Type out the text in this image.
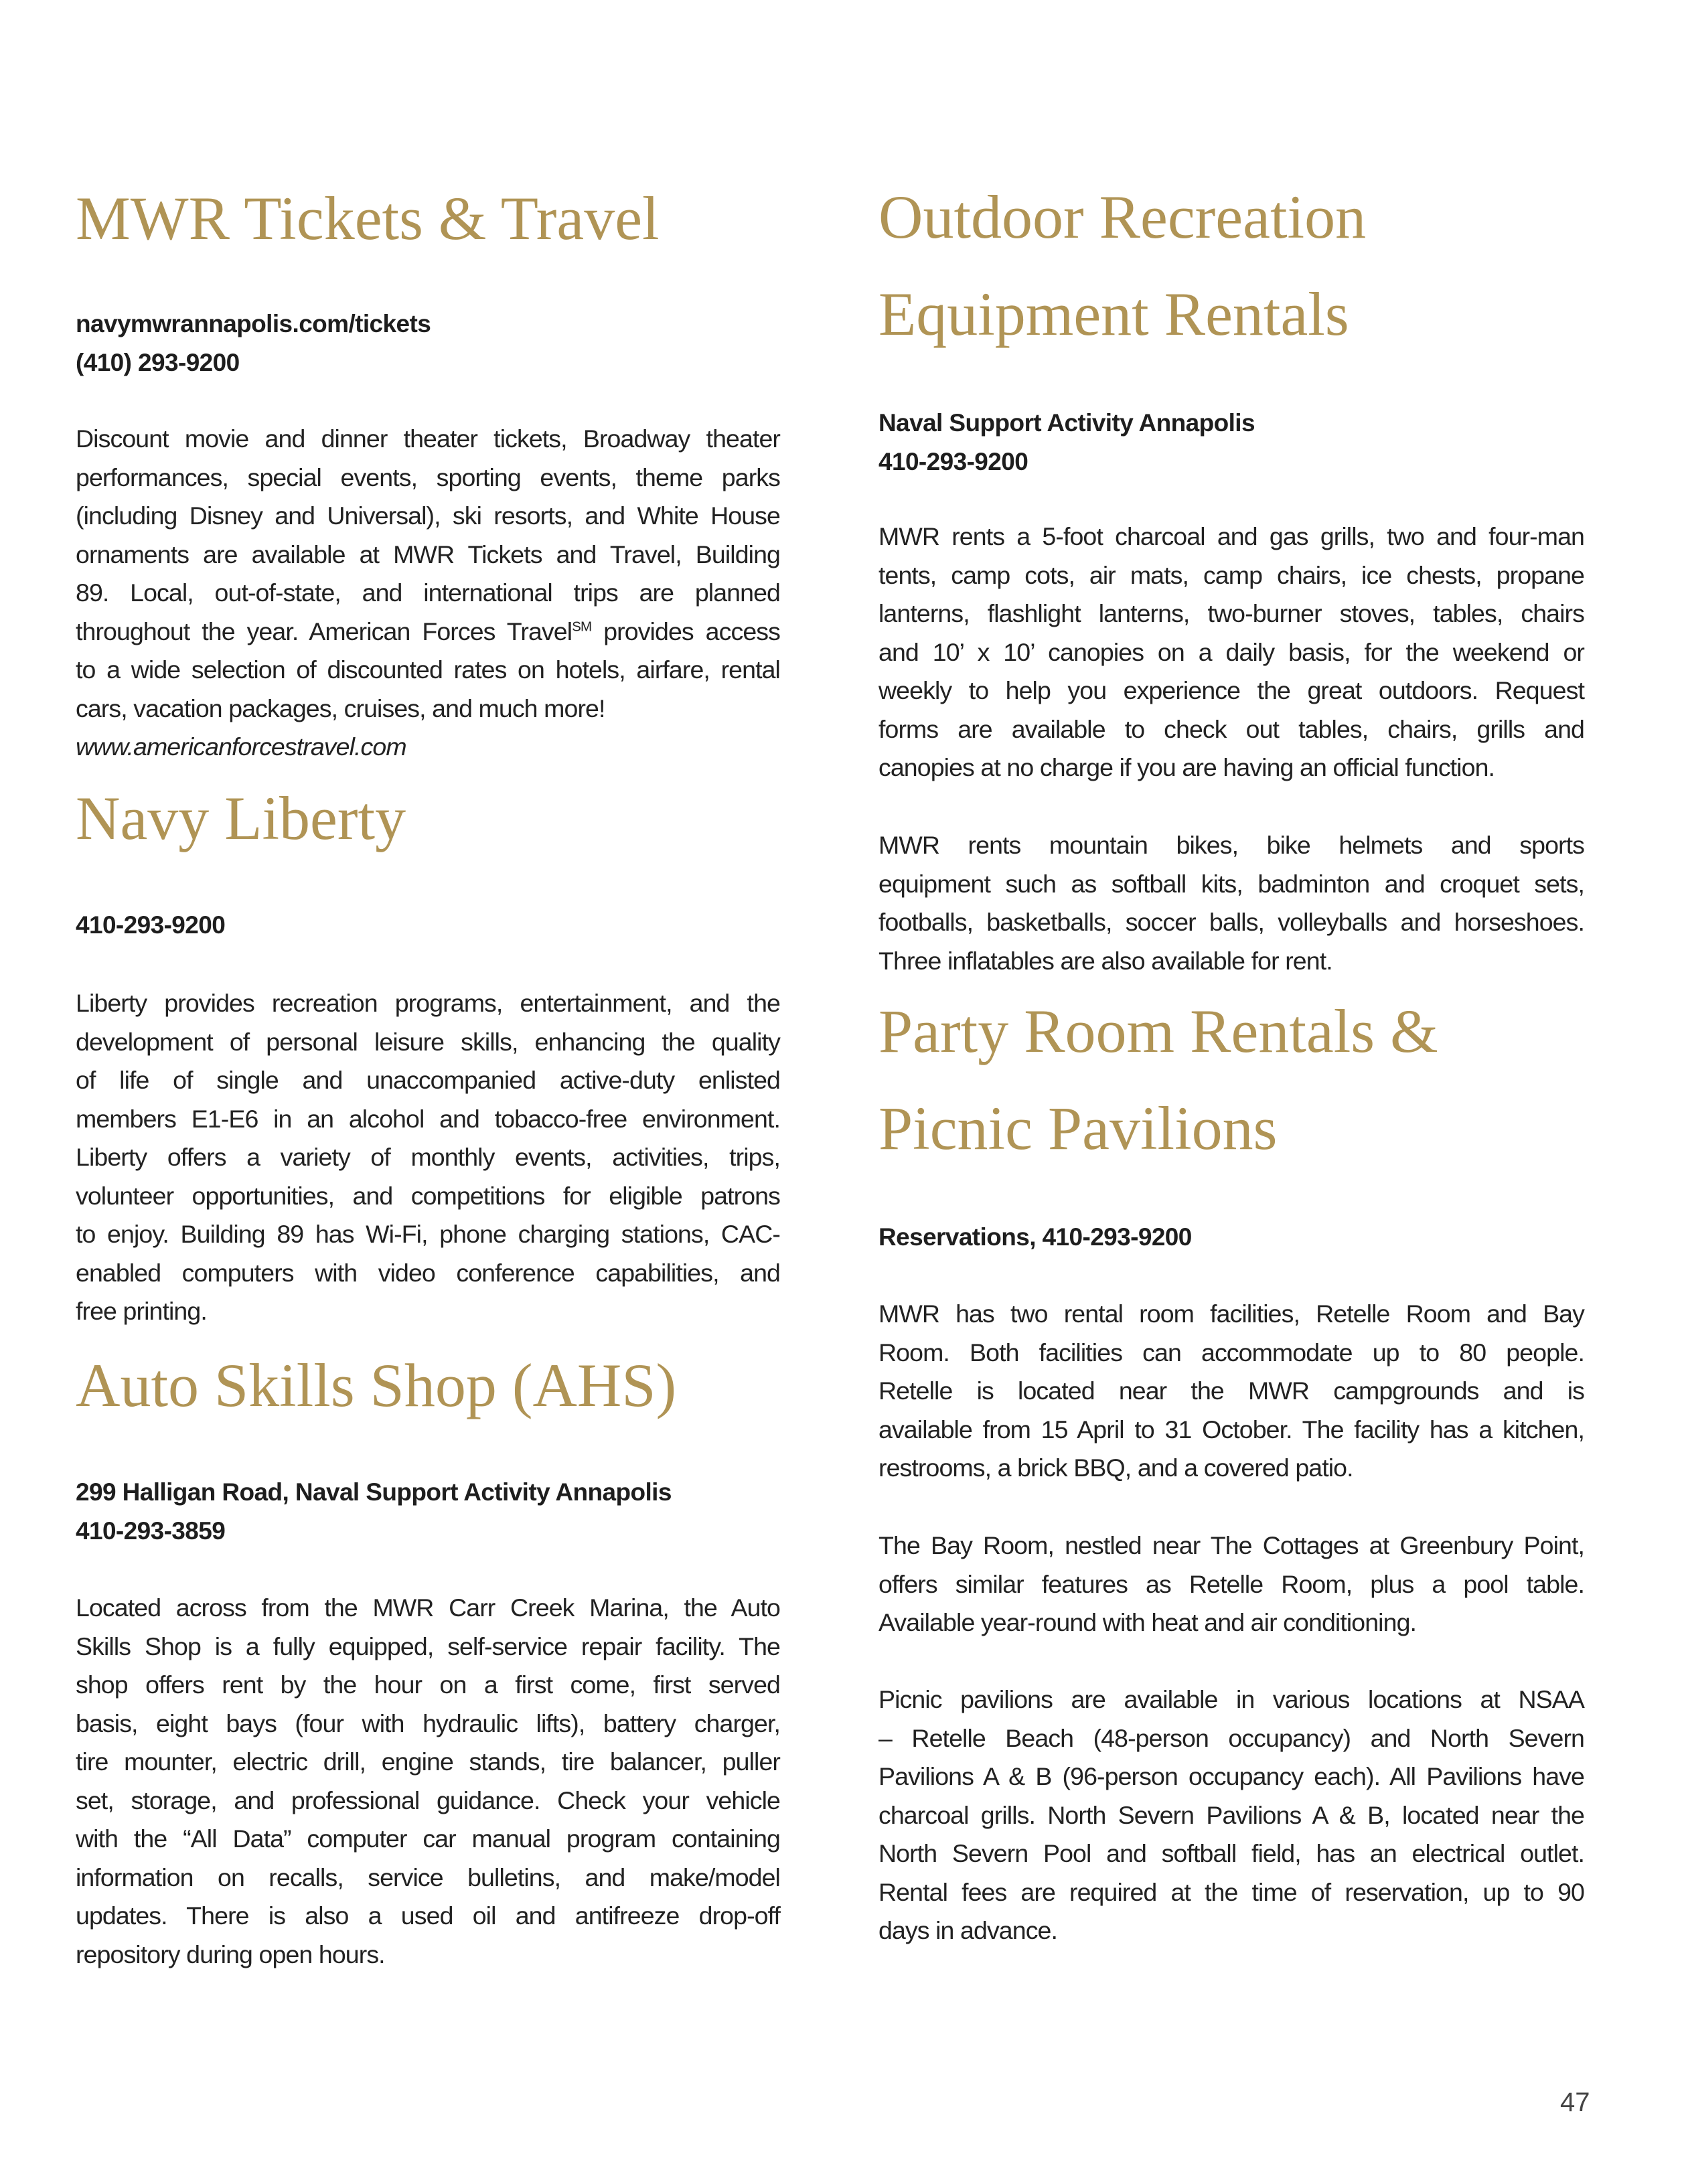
MWR Tickets & Travel
navymwrannapolis.com/tickets
(410) 293-9200
Discount movie and dinner theater tickets, Broadway theater
performances, special events, sporting events, theme parks
(including Disney and Universal), ski resorts, and White House
ornaments are available at MWR Tickets and Travel, Building
89. Local, out-of-state, and international trips are planned
throughout the year. American Forces Travel℠ provides access
to a wide selection of discounted rates on hotels, airfare, rental
cars, vacation packages, cruises, and much more!
www.americanforcestravel.com
Navy Liberty
410-293-9200
Liberty provides recreation programs, entertainment, and the
development of personal leisure skills, enhancing the quality
of life of single and unaccompanied active-duty enlisted
members E1-E6 in an alcohol and tobacco-free environment.
Liberty offers a variety of monthly events, activities, trips,
volunteer opportunities, and competitions for eligible patrons
to enjoy. Building 89 has Wi-Fi, phone charging stations, CAC-
enabled computers with video conference capabilities, and
free printing.
Auto Skills Shop (AHS)
299 Halligan Road, Naval Support Activity Annapolis
410-293-3859
Located across from the MWR Carr Creek Marina, the Auto
Skills Shop is a fully equipped, self-service repair facility. The
shop offers rent by the hour on a first come, first served
basis, eight bays (four with hydraulic lifts), battery charger,
tire mounter, electric drill, engine stands, tire balancer, puller
set, storage, and professional guidance. Check your vehicle
with the “All Data” computer car manual program containing
information on recalls, service bulletins, and make/model
updates. There is also a used oil and antifreeze drop-off
repository during open hours.
Outdoor Recreation
Equipment Rentals
Naval Support Activity Annapolis
410-293-9200
MWR rents a 5-foot charcoal and gas grills, two and four-man
tents, camp cots, air mats, camp chairs, ice chests, propane
lanterns, flashlight lanterns, two-burner stoves, tables, chairs
and 10’ x 10’ canopies on a daily basis, for the weekend or
weekly to help you experience the great outdoors. Request
forms are available to check out tables, chairs, grills and
canopies at no charge if you are having an official function.
MWR rents mountain bikes, bike helmets and sports
equipment such as softball kits, badminton and croquet sets,
footballs, basketballs, soccer balls, volleyballs and horseshoes.
Three inflatables are also available for rent.
Party Room Rentals &
Picnic Pavilions
Reservations, 410-293-9200
MWR has two rental room facilities, Retelle Room and Bay
Room. Both facilities can accommodate up to 80 people.
Retelle is located near the MWR campgrounds and is
available from 15 April to 31 October. The facility has a kitchen,
restrooms, a brick BBQ, and a covered patio.
The Bay Room, nestled near The Cottages at Greenbury Point,
offers similar features as Retelle Room, plus a pool table.
Available year-round with heat and air conditioning.
Picnic pavilions are available in various locations at NSAA
– Retelle Beach (48-person occupancy) and North Severn
Pavilions A & B (96-person occupancy each). All Pavilions have
charcoal grills. North Severn Pavilions A & B, located near the
North Severn Pool and softball field, has an electrical outlet.
Rental fees are required at the time of reservation, up to 90
days in advance.
47
